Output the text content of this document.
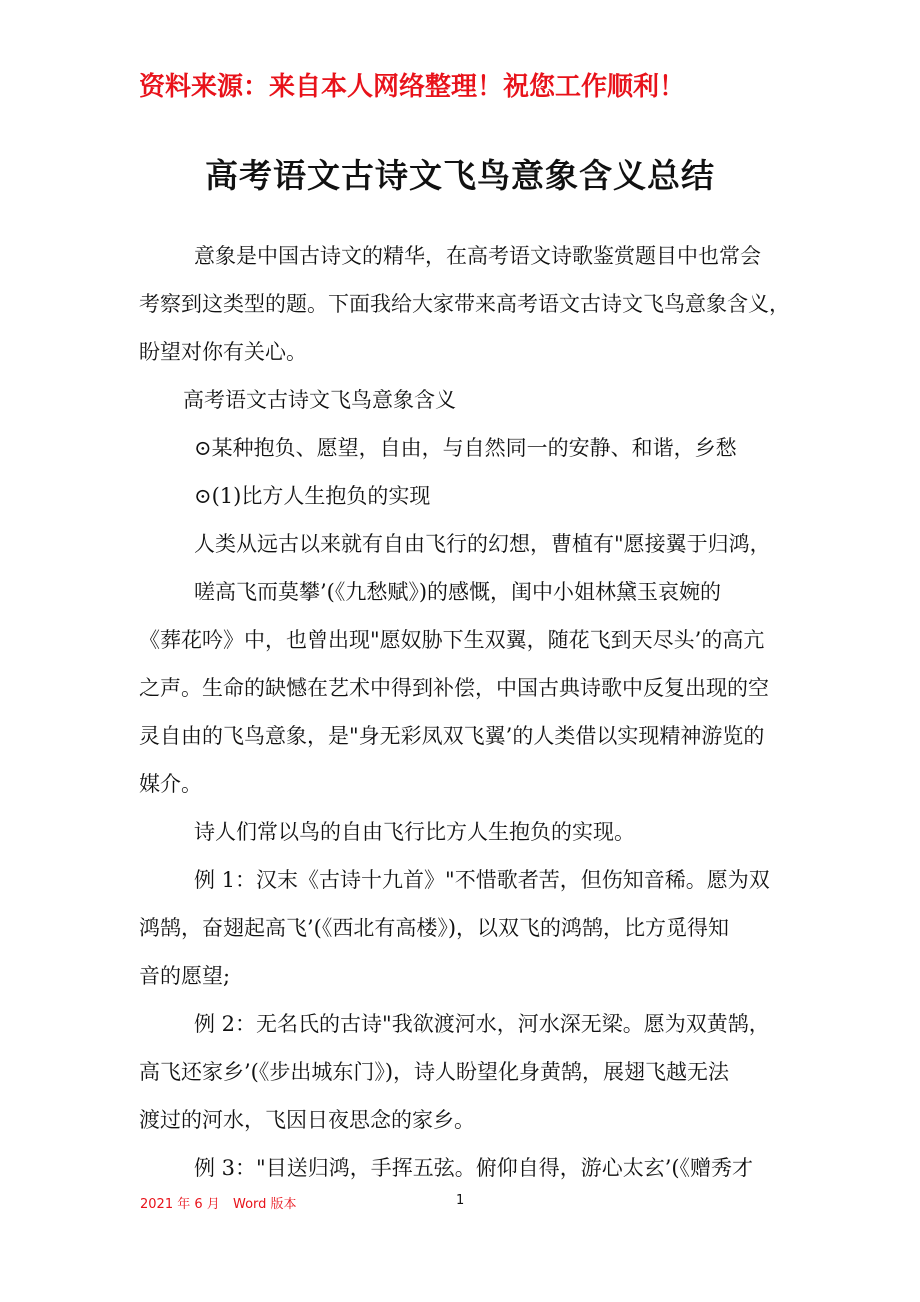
资料来源：来自本人网络整理！祝您工作顺利！
高考语文古诗文飞鸟意象含义总结
意象是中国古诗文的精华，在高考语文诗歌鉴赏题目中也常会
考察到这类型的题。下面我给大家带来高考语文古诗文飞鸟意象含义，
盼望对你有关心。
高考语文古诗文飞鸟意象含义
⊙某种抱负、愿望，自由，与自然同一的安静、和谐，乡愁
⊙(1)比方人生抱负的实现
人类从远古以来就有自由飞行的幻想，曹植有"愿接翼于归鸿，
嗟高飞而莫攀’(《九愁赋》)的感慨，闺中小姐林黛玉哀婉的
《葬花吟》中，也曾出现"愿奴胁下生双翼，随花飞到天尽头’的高亢
之声。生命的缺憾在艺术中得到补偿，中国古典诗歌中反复出现的空
灵自由的飞鸟意象，是"身无彩凤双飞翼’的人类借以实现精神游览的
媒介。
诗人们常以鸟的自由飞行比方人生抱负的实现。
例 1：汉末《古诗十九首》"不惜歌者苦，但伤知音稀。愿为双
鸿鹄，奋翅起高飞’(《西北有高楼》)，以双飞的鸿鹄，比方觅得知
音的愿望;
例 2：无名氏的古诗"我欲渡河水，河水深无梁。愿为双黄鹄，
高飞还家乡’(《步出城东门》)，诗人盼望化身黄鹄，展翅飞越无法
渡过的河水，飞因日夜思念的家乡。
例 3："目送归鸿，手挥五弦。俯仰自得，游心太玄’(《赠秀才
2021 年 6 月 Word 版本	1
